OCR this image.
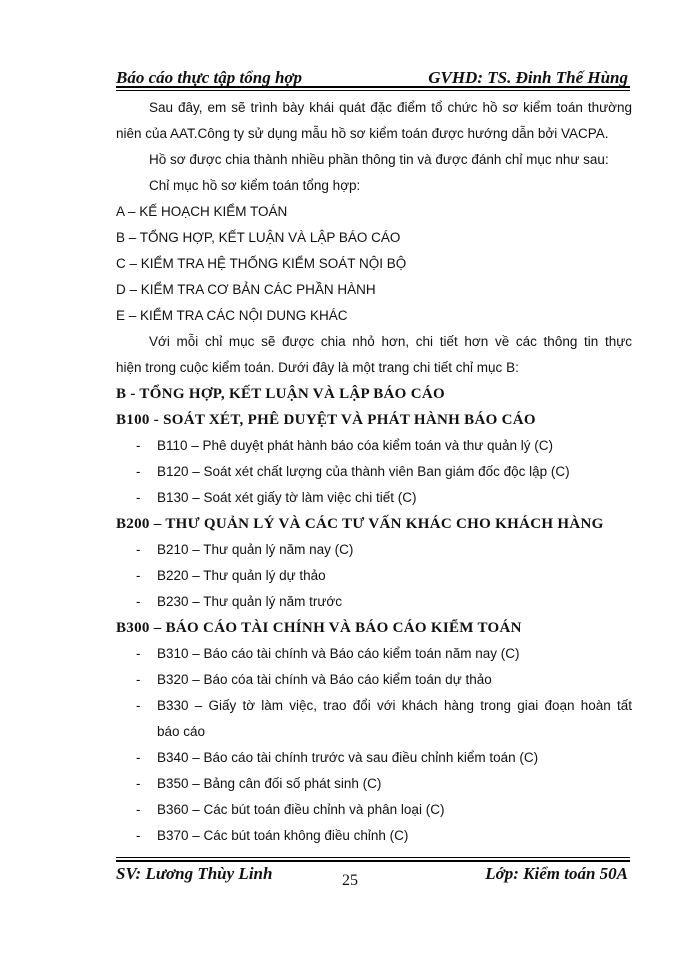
Báo cáo thực tập tổng hợp	GVHD: TS. Đinh Thế Hùng
Sau đây, em sẽ trình bày khái quát đặc điểm tổ chức hồ sơ kiểm toán thường
niên của AAT.Công ty sử dụng mẫu hồ sơ kiểm toán được hướng dẫn bởi VACPA.
Hồ sơ được chia thành nhiều phần thông tin và được đánh chỉ mục như sau:
Chỉ mục hồ sơ kiểm toán tổng hợp:
A – KẾ HOẠCH KIỂM TOÁN
B – TỔNG HỢP, KẾT LUẬN VÀ LẬP BÁO CÁO
C – KIỂM TRA HỆ THỐNG KIỂM SOÁT NỘI BỘ
D – KIỂM TRA CƠ BẢN CÁC PHẦN HÀNH
E – KIỂM TRA CÁC NỘI DUNG KHÁC
Với mỗi chỉ mục sẽ được chia nhỏ hơn, chi tiết hơn về các thông tin thực
hiện trong cuộc kiểm toán. Dưới đây là một trang chi tiết chỉ mục B:
B - TỔNG HỢP, KẾT LUẬN VÀ LẬP BÁO CÁO
B100 - SOÁT XÉT, PHÊ DUYỆT VÀ PHÁT HÀNH BÁO CÁO
- B110 – Phê duyệt phát hành báo cóa kiểm toán và thư quản lý (C)
- B120 – Soát xét chất lượng của thành viên Ban giám đốc độc lập (C)
- B130 – Soát xét giấy tờ làm việc chi tiết (C)
B200 – THƯ QUẢN LÝ VÀ CÁC TƯ VẤN KHÁC CHO KHÁCH HÀNG
- B210 – Thư quản lý năm nay (C)
- B220 – Thư quản lý dự thảo
- B230 – Thư quản lý năm trước
B300 – BÁO CÁO TÀI CHÍNH VÀ BÁO CÁO KIỂM TOÁN
- B310 – Báo cáo tài chính và Báo cáo kiểm toán năm nay (C)
- B320 – Báo cóa tài chính và Báo cáo kiểm toán dự thảo
- B330 – Giấy tờ làm việc, trao đổi với khách hàng trong giai đoạn hoàn tất
báo cáo
- B340 – Báo cáo tài chính trước và sau điều chỉnh kiểm toán (C)
- B350 – Bảng cân đối số phát sinh (C)
- B360 – Các bút toán điều chỉnh và phân loại (C)
- B370 – Các bút toán không điều chỉnh (C)
SV: Lương Thùy Linh	Lớp: Kiểm toán 50A
25
